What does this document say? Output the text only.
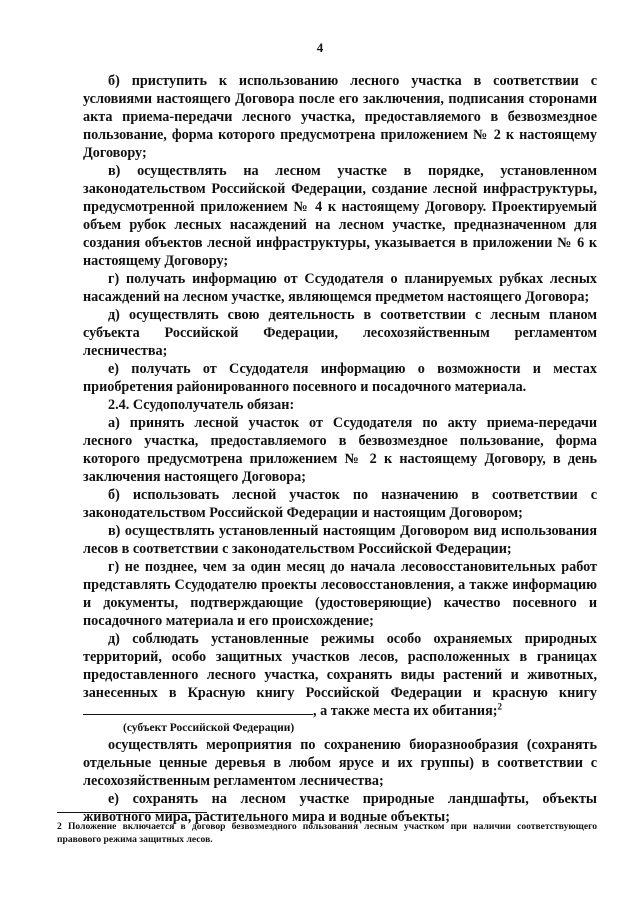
4

б) приступить к использованию лесного участка в соответствии с условиями настоящего Договора после его заключения, подписания сторонами акта приема-передачи лесного участка, предоставляемого в безвозмездное пользование, форма которого предусмотрена приложением № 2 к настоящему Договору;

в) осуществлять на лесном участке в порядке, установленном законодательством Российской Федерации, создание лесной инфраструктуры, предусмотренной приложением № 4 к настоящему Договору. Проектируемый объем рубок лесных насаждений на лесном участке, предназначенном для создания объектов лесной инфраструктуры, указывается в приложении № 6 к настоящему Договору;

г) получать информацию от Ссудодателя о планируемых рубках лесных насаждений на лесном участке, являющемся предметом настоящего Договора;

д) осуществлять свою деятельность в соответствии с лесным планом субъекта Российской Федерации, лесохозяйственным регламентом лесничества;

е) получать от Ссудодателя информацию о возможности и местах приобретения районированного посевного и посадочного материала.

2.4. Ссудополучатель обязан:

а) принять лесной участок от Ссудодателя по акту приема-передачи лесного участка, предоставляемого в безвозмездное пользование, форма которого предусмотрена приложением № 2 к настоящему Договору, в день заключения настоящего Договора;

б) использовать лесной участок по назначению в соответствии с законодательством Российской Федерации и настоящим Договором;

в) осуществлять установленный настоящим Договором вид использования лесов в соответствии с законодательством Российской Федерации;

г) не позднее, чем за один месяц до начала лесовосстановительных работ представлять Ссудодателю проекты лесовосстановления, а также информацию и документы, подтверждающие (удостоверяющие) качество посевного и посадочного материала и его происхождение;

д) соблюдать установленные режимы особо охраняемых природных территорий, особо защитных участков лесов, расположенных в границах предоставленного лесного участка, сохранять виды растений и животных, занесенных в Красную книгу Российской Федерации и красную книгу , а также места их обитания;$^2$

(субъект Российской Федерации)

осуществлять мероприятия по сохранению биоразнообразия (сохранять отдельные ценные деревья в любом ярусе и их группы) в соответствии с лесохозяйственным регламентом лесничества;

е) сохранять на лесном участке природные ландшафты, объекты животного мира, растительного мира и водные объекты;

2 Положение включается в договор безвозмездного пользования лесным участком при наличии соответствующего правового режима защитных лесов.
